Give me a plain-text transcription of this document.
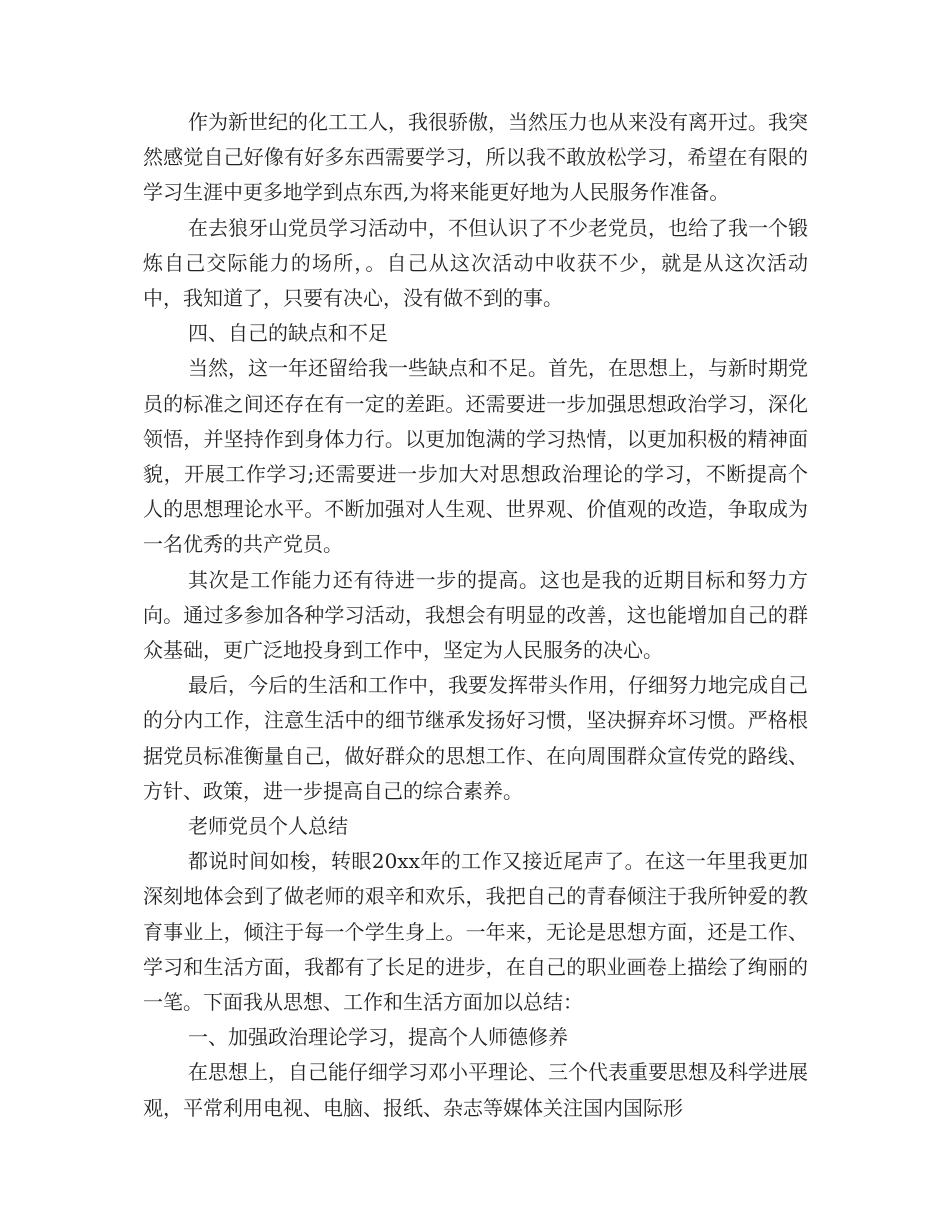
作为新世纪的化工工人，我很骄傲，当然压力也从来没有离开过。我突然感觉自己好像有好多东西需要学习，所以我不敢放松学习，希望在有限的学习生涯中更多地学到点东西,为将来能更好地为人民服务作准备。

在去狼牙山党员学习活动中，不但认识了不少老党员，也给了我一个锻炼自己交际能力的场所，。自己从这次活动中收获不少，就是从这次活动中，我知道了，只要有决心，没有做不到的事。

四、自己的缺点和不足

当然，这一年还留给我一些缺点和不足。首先，在思想上，与新时期党员的标准之间还存在有一定的差距。还需要进一步加强思想政治学习，深化领悟，并坚持作到身体力行。以更加饱满的学习热情，以更加积极的精神面貌，开展工作学习;还需要进一步加大对思想政治理论的学习，不断提高个人的思想理论水平。不断加强对人生观、世界观、价值观的改造，争取成为一名优秀的共产党员。

其次是工作能力还有待进一步的提高。这也是我的近期目标和努力方向。通过多参加各种学习活动，我想会有明显的改善，这也能增加自己的群众基础，更广泛地投身到工作中，坚定为人民服务的决心。

最后，今后的生活和工作中，我要发挥带头作用，仔细努力地完成自己的分内工作，注意生活中的细节继承发扬好习惯，坚决摒弃坏习惯。严格根据党员标准衡量自己，做好群众的思想工作、在向周围群众宣传党的路线、方针、政策，进一步提高自己的综合素养。

老师党员个人总结

都说时间如梭，转眼20xx年的工作又接近尾声了。在这一年里我更加深刻地体会到了做老师的艰辛和欢乐，我把自己的青春倾注于我所钟爱的教育事业上，倾注于每一个学生身上。一年来，无论是思想方面，还是工作、学习和生活方面，我都有了长足的进步，在自己的职业画卷上描绘了绚丽的一笔。下面我从思想、工作和生活方面加以总结：

一、加强政治理论学习，提高个人师德修养

在思想上，自己能仔细学习邓小平理论、三个代表重要思想及科学进展观，平常利用电视、电脑、报纸、杂志等媒体关注国内国际形
